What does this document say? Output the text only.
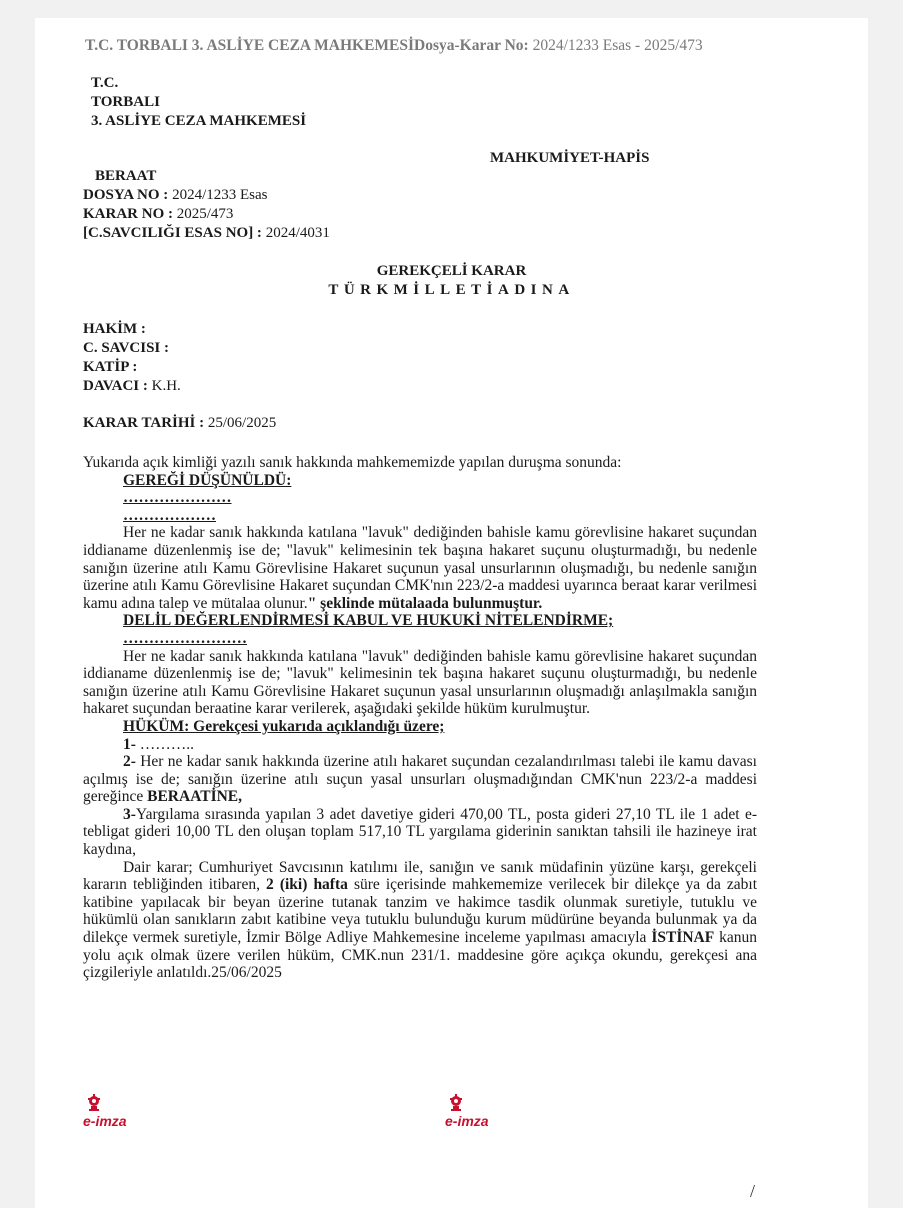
T.C. TORBALI 3. ASLİYE CEZA MAHKEMESİDosya-Karar No: 2024/1233 Esas - 2025/473
T.C.
TORBALI
3. ASLİYE CEZA MAHKEMESİ
MAHKUMİYET-HAPİS
BERAAT
DOSYA NO : 2024/1233 Esas
KARAR NO : 2025/473
[C.SAVCILIĞI ESAS NO] : 2024/4031
GEREKÇELİ KARAR
TÜRKMİLLETİADINA
HAKİM :
C. SAVCISI :
KATİP :
DAVACI : K.H.
KARAR TARİHİ : 25/06/2025

Yukarıda açık kimliği yazılı sanık hakkında mahkememizde yapılan duruşma sonunda:

GEREĞİ DÜŞÜNÜLDÜ:

…………………

………………

Her ne kadar sanık hakkında katılana "lavuk" dediğinden bahisle kamu görevlisine hakaret suçundan iddianame düzenlenmiş ise de; "lavuk" kelimesinin tek başına hakaret suçunu oluşturmadığı, bu nedenle sanığın üzerine atılı Kamu Görevlisine Hakaret suçunun yasal unsurlarının oluşmadığı, bu nedenle sanığın üzerine atılı Kamu Görevlisine Hakaret suçundan CMK'nın 223/2-a maddesi uyarınca beraat karar verilmesi kamu adına talep ve mütalaa olunur." şeklinde mütalaada bulunmuştur.

DELİL DEĞERLENDİRMESİ KABUL VE HUKUKİ NİTELENDİRME;

……………………

Her ne kadar sanık hakkında katılana "lavuk" dediğinden bahisle kamu görevlisine hakaret suçundan iddianame düzenlenmiş ise de; "lavuk" kelimesinin tek başına hakaret suçunu oluşturmadığı, bu nedenle sanığın üzerine atılı Kamu Görevlisine Hakaret suçunun yasal unsurlarının oluşmadığı anlaşılmakla sanığın hakaret suçundan beraatine karar verilerek, aşağıdaki şekilde hüküm kurulmuştur.

HÜKÜM: Gerekçesi yukarıda açıklandığı üzere;

1- ………..

2- Her ne kadar sanık hakkında üzerine atılı hakaret suçundan cezalandırılması talebi ile kamu davası açılmış ise de; sanığın üzerine atılı suçun yasal unsurları oluşmadığından CMK'nun 223/2-a maddesi gereğince BERAATİNE,

3-Yargılama sırasında yapılan 3 adet davetiye gideri 470,00 TL, posta gideri 27,10 TL ile 1 adet e-tebligat gideri 10,00 TL den oluşan toplam 517,10 TL yargılama giderinin sanıktan tahsili ile hazineye irat kaydına,

Dair karar; Cumhuriyet Savcısının katılımı ile, sanığın ve sanık müdafinin yüzüne karşı, gerekçeli kararın tebliğinden itibaren, 2 (iki) hafta süre içerisinde mahkememize verilecek bir dilekçe ya da zabıt katibine yapılacak bir beyan üzerine tutanak tanzim ve hakimce tasdik olunmak suretiyle, tutuklu ve hükümlü olan sanıkların zabıt katibine veya tutuklu bulunduğu kurum müdürüne beyanda bulunmak ya da dilekçe vermek suretiyle, İzmir Bölge Adliye Mahkemesine inceleme yapılması amacıyla İSTİNAF kanun yolu açık olmak üzere verilen hüküm, CMK.nun 231/1. maddesine göre açıkça okundu, gerekçesi ana çizgileriyle anlatıldı.25/06/2025

e-imza	e-imza
/
